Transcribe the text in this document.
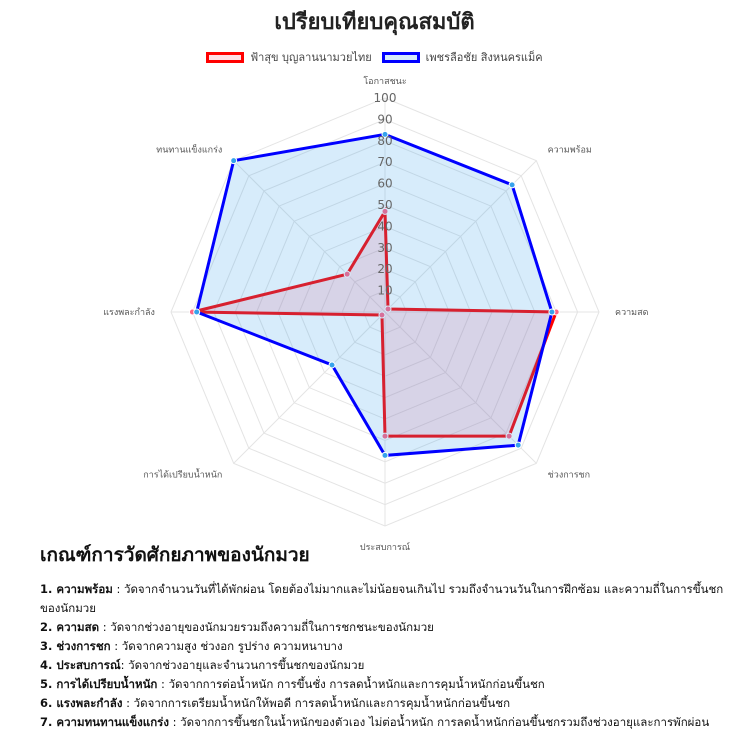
เปรียบเทียบคุณสมบัติ
ฟ้าสุข บุญลานนามวยไทย	เพชรลือชัย สิงหนครแม็ค
10
20
30
40
50
60
70
80
90
100
โอกาสชนะ
ความพร้อม
ความสด
ช่วงการชก
ประสบการณ์
การได้เปรียบน้ำหนัก
แรงพละกำลัง
ทนทานแข็งแกร่ง
เกณฑ์การวัดศักยภาพของนักมวย

1. ความพร้อม : วัดจากจำนวนวันที่ได้พักผ่อน โดยต้องไม่มากและไม่น้อยจนเกินไป รวมถึงจำนวนวันในการฝึกซ้อม และความถี่ในการขึ้นชกของนักมวย

2. ความสด : วัดจากช่วงอายุของนักมวยรวมถึงความถี่ในการชกชนะของนักมวย

3. ช่วงการชก : วัดจากความสูง ช่วงอก รูปร่าง ความหนาบาง

4. ประสบการณ์: วัดจากช่วงอายุและจำนวนการขึ้นชกของนักมวย

5. การได้เปรียบน้ำหนัก : วัดจากการต่อน้ำหนัก การขึ้นชั่ง การลดน้ำหนักและการคุมน้ำหนักก่อนขึ้นชก

6. แรงพละกำลัง : วัดจากการเตรียมน้ำหนักให้พอดี การลดน้ำหนักและการคุมน้ำหนักก่อนขึ้นชก

7. ความทนทานแข็งแกร่ง : วัดจากการขึ้นชกในน้ำหนักของตัวเอง ไม่ต่อน้ำหนัก การลดน้ำหนักก่อนขึ้นชกรวมถึงช่วงอายุและการพักผ่อน
